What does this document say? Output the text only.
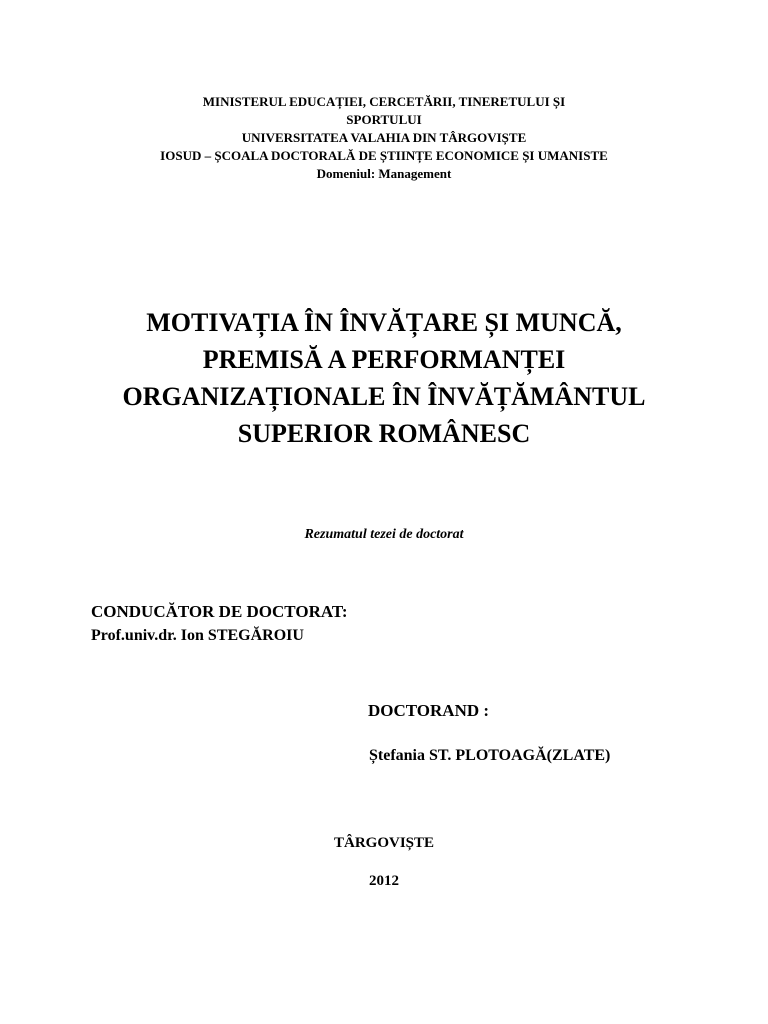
MINISTERUL EDUCAȚIEI, CERCETĂRII, TINERETULUI ȘI
SPORTULUI
UNIVERSITATEA VALAHIA DIN TÂRGOVIȘTE
IOSUD – ȘCOALA DOCTORALĂ DE ȘTIINȚE ECONOMICE ȘI UMANISTE
Domeniul: Management
MOTIVAȚIA ÎN ÎNVĂȚARE ȘI MUNCĂ,
PREMISĂ A PERFORMANȚEI
ORGANIZAȚIONALE ÎN ÎNVĂȚĂMÂNTUL
SUPERIOR ROMÂNESC
Rezumatul tezei de doctorat
CONDUCĂTOR DE DOCTORAT:
Prof.univ.dr. Ion STEGĂROIU
DOCTORAND :
Ștefania ST. PLOTOAGĂ(ZLATE)
TÂRGOVIȘTE
2012
